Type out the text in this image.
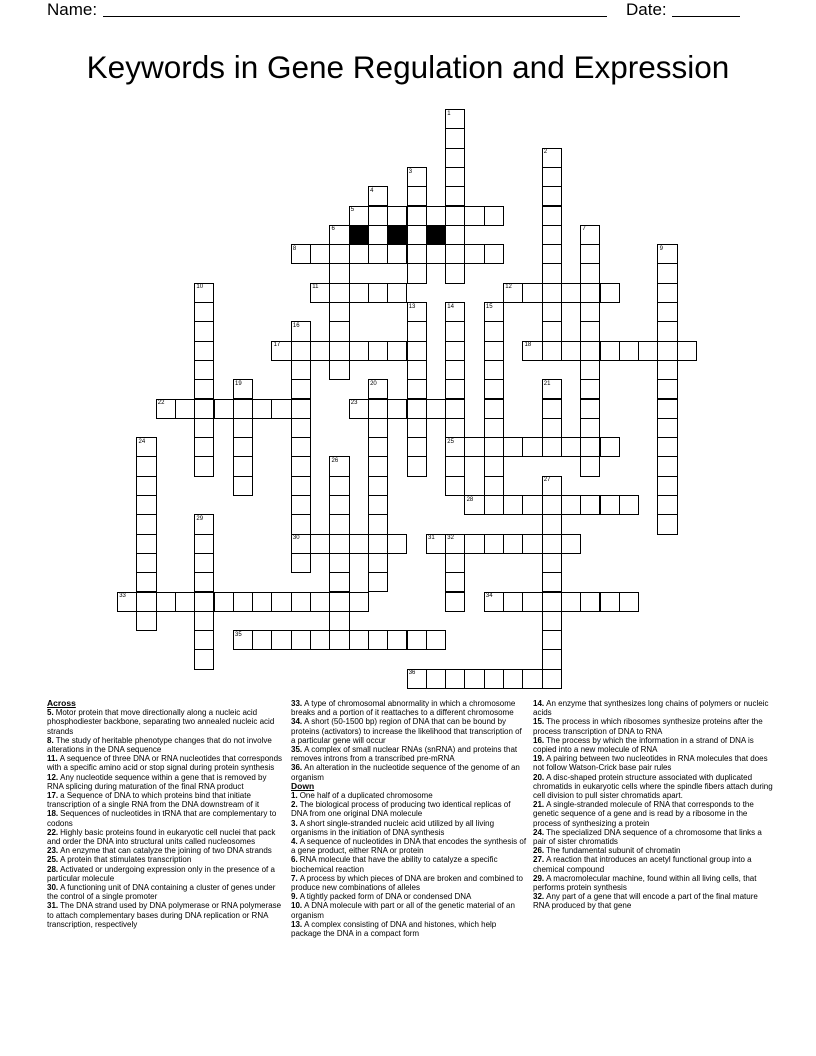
Name:	Date:
Keywords in Gene Regulation and Expression
5
8
11	12
17	18
22	23
25
28
30	31
33	34
35
36
1
2
3
4
6	7
9
10
13	14	15
16
19	20	21
24
26
27
29
32
Across
5 . Motor protein that move directionally along a nucleic acid phosphodiester backbone, separating two annealed nucleic acid strands
8 . The study of heritable phenotype changes that do not involve alterations in the DNA sequence
11 . A sequence of three DNA or RNA nucleotides that corresponds with a specific amino acid or stop signal during protein synthesis
12 . Any nucleotide sequence within a gene that is removed by RNA splicing during maturation of the final RNA product
17 . a Sequence of DNA to which proteins bind that initiate transcription of a single RNA from the DNA downstream of it
18 . Sequences of nucleotides in tRNA that are complementary to codons
22 . Highly basic proteins found in eukaryotic cell nuclei that pack and order the DNA into structural units called nucleosomes
23 . An enzyme that can catalyze the joining of two DNA strands
25 . A protein that stimulates transcription
28 . Activated or undergoing expression only in the presence of a particular molecule
30 . A functioning unit of DNA containing a cluster of genes under the control of a single promoter
31 . The DNA strand used by DNA polymerase or RNA polymerase to attach complementary bases during DNA replication or RNA transcription, respectively
33 . A type of chromosomal abnormality in which a chromosome breaks and a portion of it reattaches to a different chromosome
34 . A short (50-1500 bp) region of DNA that can be bound by proteins (activators) to increase the likelihood that transcription of a particular gene will occur
35 . A complex of small nuclear RNAs (snRNA) and proteins that removes introns from a transcribed pre-mRNA
36 . An alteration in the nucleotide sequence of the genome of an organism
Down
1 . One half of a duplicated chromosome
2 . The biological process of producing two identical replicas of DNA from one original DNA molecule
3 . A short single-stranded nucleic acid utilized by all living organisms in the initiation of DNA synthesis
4 . A sequence of nucleotides in DNA that encodes the synthesis of a gene product, either RNA or protein
6 . RNA molecule that have the ability to catalyze a specific biochemical reaction
7 . A process by which pieces of DNA are broken and combined to produce new combinations of alleles
9 . A tightly packed form of DNA or condensed DNA
10 . A DNA molecule with part or all of the genetic material of an organism
13 . A complex consisting of DNA and histones, which help package the DNA in a compact form
14 . An enzyme that synthesizes long chains of polymers or nucleic acids
15 . The process in which ribosomes synthesize proteins after the process transcription of DNA to RNA
16 . The process by which the information in a strand of DNA is copied into a new molecule of RNA
19 . A pairing between two nucleotides in RNA molecules that does not follow Watson-Crick base pair rules
20 . A disc-shaped protein structure associated with duplicated chromatids in eukaryotic cells where the spindle fibers attach during cell division to pull sister chromatids apart.
21 . A single-stranded molecule of RNA that corresponds to the genetic sequence of a gene and is read by a ribosome in the process of synthesizing a protein
24 . The specialized DNA sequence of a chromosome that links a pair of sister chromatids
26 . The fundamental subunit of chromatin
27 . A reaction that introduces an acetyl functional group into a chemical compound
29 . A macromolecular machine, found within all living cells, that performs protein synthesis
32 . Any part of a gene that will encode a part of the final mature RNA produced by that gene
